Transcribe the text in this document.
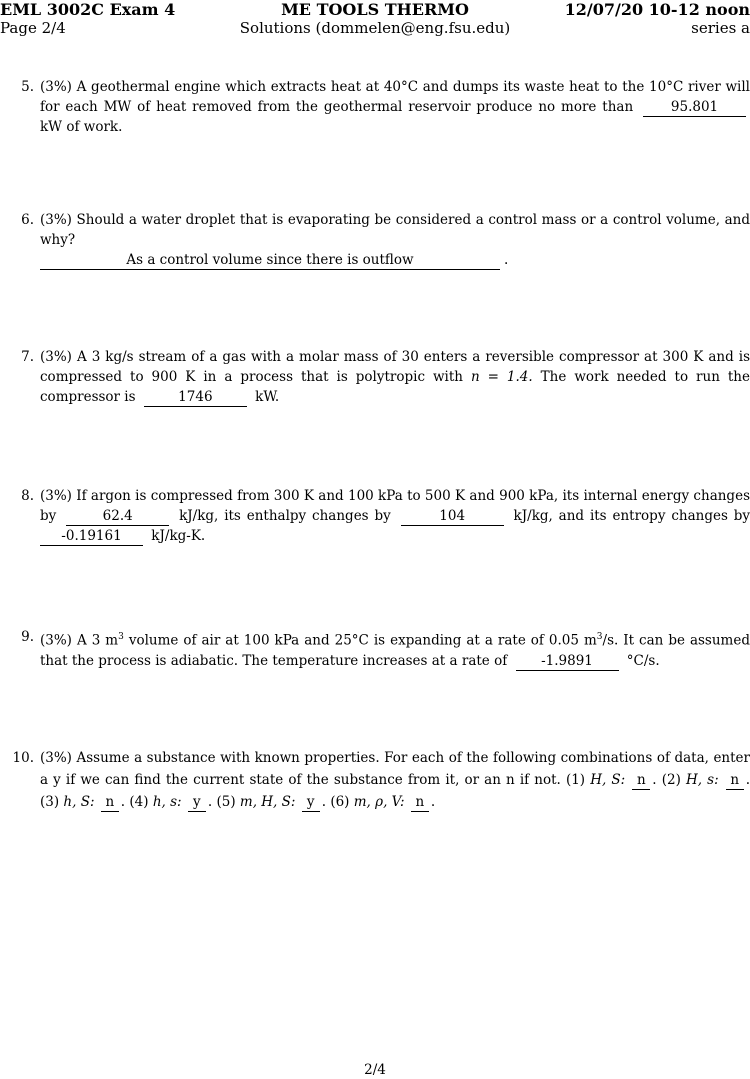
EML 3002C Exam 4	ME TOOLS THERMO	12/07/20 10-12 noon
Page 2/4	Solutions (dommelen@eng.fsu.edu)	series a
5. (3%) A geothermal engine which extracts heat at 40°C and dumps its waste heat to the 10°C river will for each MW of heat removed from the geothermal reservoir produce no more than	95.801 kW of work.
6. (3%) Should a water droplet that is evaporating be considered a control mass or a control volume, and why?
As a control volume since there is outflow	.
7. (3%) A 3 kg/s stream of a gas with a molar mass of 30 enters a reversible compressor at 300 K and is compressed to 900 K in a process that is polytropic with n = 1.4. The work needed to run the compressor is	1746	kW.
8. (3%) If argon is compressed from 300 K and 100 kPa to 500 K and 900 kPa, its internal energy changes by	62.4	kJ/kg, its enthalpy changes by	104	kJ/kg, and its entropy changes by -0.19161 kJ/kg-K.
9. (3%) A 3 $m^3$ volume of air at 100 kPa and 25°C is expanding at a rate of 0.05 $m^3/s$. It can be assumed that the process is adiabatic. The temperature increases at a rate of	-1.9891	°C/s.
10. (3%) Assume a substance with known properties. For each of the following combinations of data, enter a y if we can find the current state of the substance from it, or an n if not. (1) H, S: n . (2) H, s: n . (3) h, S: n . (4) h, s: y . (5) m, H, S: y . (6) m, ρ, V: n .
2/4
